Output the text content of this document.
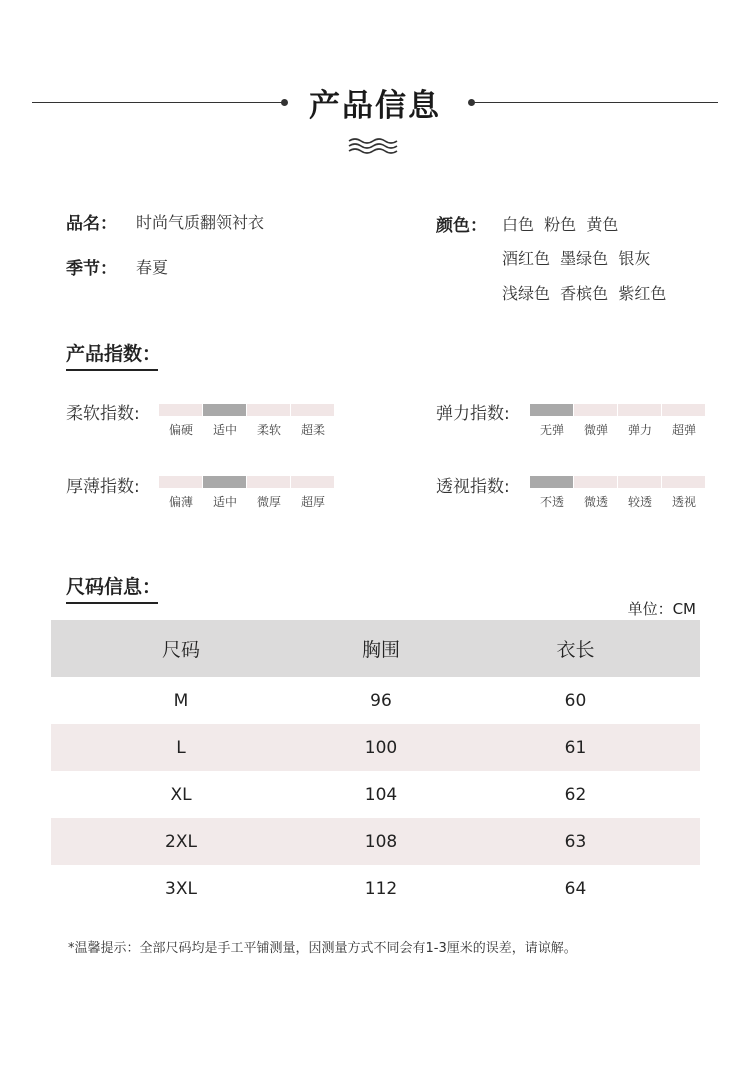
产品信息
品名： 时尚气质翻领衬衣
季节： 春夏
颜色： 白色  粉色  黄色
酒红色  墨绿色  银灰
浅绿色  香槟色  紫红色
产品指数：
柔软指数:
偏硬	适中	柔软	超柔
弹力指数:
无弹	微弹	弹力	超弹
厚薄指数:
偏薄	适中	微厚	超厚
透视指数:
不透	微透	较透	透视
尺码信息：
单位：CM
尺码	胸围	衣长
M	96	60
L	100	61
XL	104	62
2XL	108	63
3XL	112	64
*温馨提示：全部尺码均是手工平铺测量，因测量方式不同会有1-3厘米的误差，请谅解。
